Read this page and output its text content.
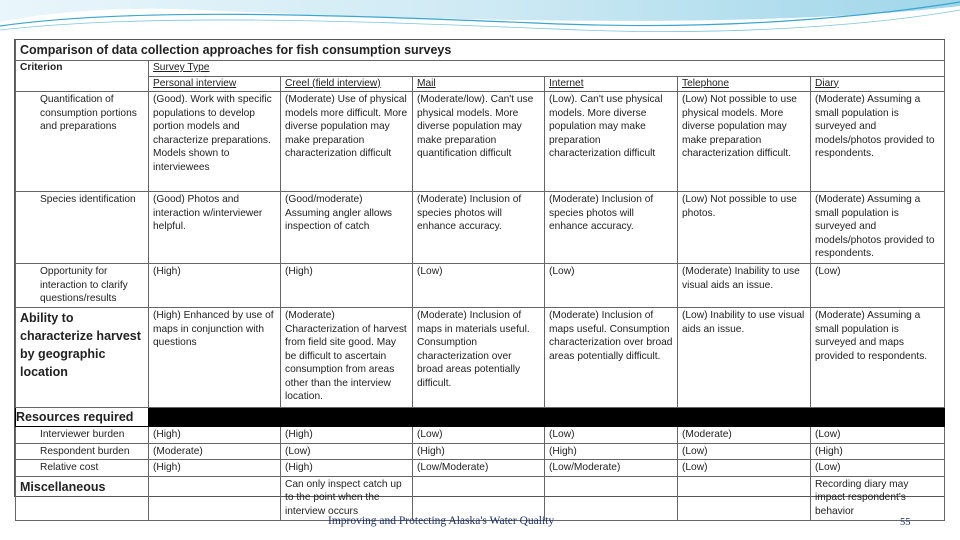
Comparison of data collection approaches for fish consumption surveys						
Criterion	Survey Type					
	Personal interview	Creel (field interview)	Mail	Internet	Telephone	Diary
Quantification of consumption portions and preparations	(Good). Work with specific populations to develop portion models and characterize preparations. Models shown to interviewees	(Moderate) Use of physical models more difficult. More diverse population may make preparation characterization difficult	(Moderate/low). Can't use physical models. More diverse population may make preparation quantification difficult	(Low). Can't use physical models. More diverse population may make preparation characterization difficult	(Low) Not possible to use physical models. More diverse population may make preparation characterization difficult.	(Moderate) Assuming a small population is surveyed and models/photos provided to respondents.
Species identification	(Good) Photos and interaction w/interviewer helpful.	(Good/moderate) Assuming angler allows inspection of catch	(Moderate) Inclusion of species photos will enhance accuracy.	(Moderate) Inclusion of species photos will enhance accuracy.	(Low) Not possible to use photos.	(Moderate) Assuming a small population is surveyed and models/photos provided to respondents.
Opportunity for interaction to clarify questions/results	(High)	(High)	(Low)	(Low)	(Moderate) Inability to use visual aids an issue.	(Low)
Ability to characterize harvest by geographic location	(High) Enhanced by use of maps in conjunction with questions	(Moderate) Characterization of harvest from field site good. May be difficult to ascertain consumption from areas other than the interview location.	(Moderate) Inclusion of maps in materials useful. Consumption characterization over broad areas potentially difficult.	(Moderate) Inclusion of maps useful. Consumption characterization over broad areas potentially difficult.	(Low) Inability to use visual aids an issue.	(Moderate) Assuming a small population is surveyed and maps provided to respondents.
Resources required						
Interviewer burden	(High)	(High)	(Low)	(Low)	(Moderate)	(Low)
Respondent burden	(Moderate)	(Low)	(High)	(High)	(Low)	(High)
Relative cost	(High)	(High)	(Low/Moderate)	(Low/Moderate)	(Low)	(Low)
Miscellaneous		Can only inspect catch up to the point when the interview occurs				Recording diary may impact respondent's behavior
Improving and Protecting Alaska's Water Quality	55
